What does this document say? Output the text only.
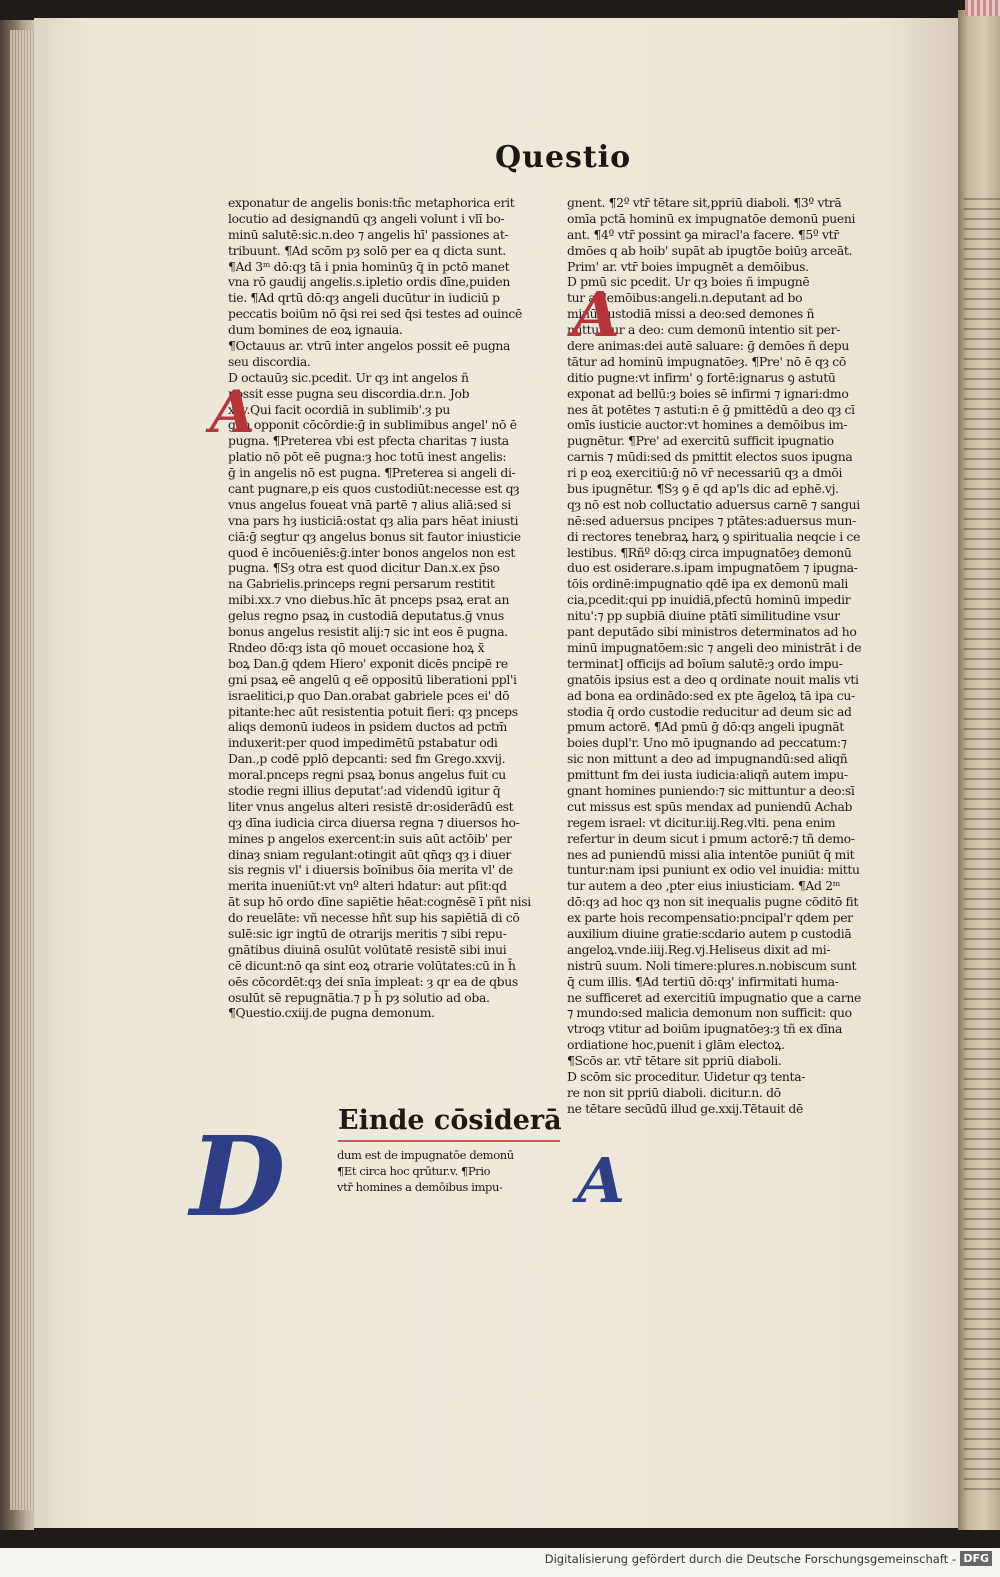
Questio
exponatur de angelis bonis:tñc metaphorica erit
locutio ad designandū qȝ angeli volunt i vlī bo-
minū salutē:sic.n.deo ⁊ angelis hī' passiones at-
tribuunt. ¶Ad scōm pȝ solō per ea q dicta sunt.
¶Ad 3ᵐ dō:qȝ tā i pnia hominūȝ q̄ in pctō manet
vna rō gaudij angelis.s.ipletio ordis dīne,puiden
tie. ¶Ad qrtū dō:qȝ angeli ducūtur in iudiciū p
peccatis boiūm nō q̄si rei sed q̄si testes ad ouincē
dum bomines de eoꝝ ignauia.
¶Octauus ar. vtrū inter angelos possit eē pugna
seu discordia.
D octauūȝ sic.pcedit. Ur qȝ int angelos ñ
possit esse pugna seu discordia.dr.n. Job
xxv.Qui facit ocordiā in sublimib'.ȝ pu
gna opponit cōcōrdie:ḡ in sublimibus angel' nō ē
pugna. ¶Preterea vbi est pfecta charitas ⁊ iusta
platio nō pōt eē pugna:ȝ hoc totū inest angelis:
ḡ in angelis nō est pugna. ¶Preterea si angeli di-
cant pugnare,p eis quos custodiūt:necesse est qȝ
vnus angelus foueat vnā partē ⁊ alius aliā:sed si
vna pars hȝ iusticiā:ostat qȝ alia pars hēat iniusti
ciā:ḡ segtur qȝ angelus bonus sit fautor iniusticie
quod ē incōueniēs:ḡ.inter bonos angelos non est
pugna. ¶Sȝ otra est quod dicitur Dan.x.ex p̄so
na Gabrielis.princeps regni persarum restitit
mibi.xx.⁊ vno diebus.hīc āt pnceps psaꝝ erat an
gelus regno psaꝝ in custodiā deputatus.ḡ vnus
bonus angelus resistit alij:⁊ sic int eos ē pugna.
Rndeo dō:qȝ ista qō mouet occasione hoꝝ x̄
boꝝ Dan.ḡ qdem Hiero' exponit dicēs pncipē re
gni psaꝝ eē angelū q eē oppositū liberationi ppl'i
israelitici,p quo Dan.orabat gabriele pces ei' dō
pitante:hec aūt resistentia potuit fieri: qȝ pnceps
aliqs demonū iudeos in psidem ductos ad pctm̄
induxerit:per quod impedimētū pstabatur odi
Dan.,p codē pplō depcanti: sed fm Grego.xxvij.
moral.pnceps regni psaꝝ bonus angelus fuit cu
stodie regni illius deputat':ad videndū igitur q̄
liter vnus angelus alteri resistē dr:osiderādū est
qȝ dīna iudicia circa diuersa regna ⁊ diuersos ho-
mines p angelos exercent:in suis aūt actōib' per
dinaȝ sniam regulant:otingit aūt qn̄qȝ qȝ i diuer
sis regnis vl' i diuersis boīnibus ōia merita vl' de
merita inueniūt:vt vnº alteri hdatur: aut pſit:qd
āt sup hō ordo dīne sapiētie hēat:cognēsē ī pñt nisi
do reuelāte: vñ necesse hñt sup his sapiētiā di cō
sulē:sic igr ingtū de otrarijs meritis ⁊ sibi repu-
gnātibus diuinā osulūt volūtatē resistē sibi inui
cē dicunt:nō qa sint eoꝝ otrarie volūtates:cū in h̄
oēs cōcordēt:qȝ dei snīa impleat: ȝ qr ea de qbus
osulūt sē repugnātia.⁊ p h̄ pȝ solutio ad oba.
¶Questio.cxiij.de pugna demonum.
gnent. ¶2º vtr̄ tētare sit,ppriū diaboli. ¶3º vtrā
omīa pctā hominū ex impugnatōe demonū pueni
ant. ¶4º vtr̄ possint ꝯa miracl'a facere. ¶5º vtr̄
dmōes q ab hoib' supāt ab ipugtōe boiūȝ arceāt.
Prim' ar. vtr̄ boies impugnēt a demōibus.
D pmū sic pcedit. Ur qȝ boies ñ impugnē
tur a demōibus:angeli.n.deputant ad bo
minū custodiā missi a deo:sed demones ñ
mittuntur a deo: cum demonū intentio sit per-
dere animas:dei autē saluare: ḡ demōes ñ depu
tātur ad hominū impugnatōeȝ. ¶Pre' nō ē qȝ cō
ditio pugne:vt infirm' ꝯ fortē:ignarus ꝯ astutū
exponat ad bellū:ȝ boies sē infirmi ⁊ ignari:dmo
nes āt potētes ⁊ astuti:n ē ḡ pmittēdū a deo qȝ cī
omīs iusticie auctor:vt homines a demōibus im-
pugnētur. ¶Pre' ad exercitū sufficit ipugnatio
carnis ⁊ mūdi:sed ds pmittit electos suos ipugna
ri p eoꝝ exercitiū:ḡ nō vr̄ necessariū qȝ a dmōi
bus ipugnētur. ¶Sȝ ꝯ ē qd ap'ls dic ad ephē.vj.
qȝ nō est nob colluctatio aduersus carnē ⁊ sangui
nē:sed aduersus pncipes ⁊ ptātes:aduersus mun-
di rectores tenebraꝝ harꝝ ꝯ spiritualia neqcie i ce
lestibus. ¶Rñº dō:qȝ circa impugnatōeȝ demonū
duo est osiderare.s.ipam impugnatōem ⁊ ipugna-
tōis ordinē:impugnatio qdē ipa ex demonū mali
cia,pcedit:qui pp inuidiā,pfectū hominū impedir
nitu':⁊ pp supbiā diuine ptātī similitudine vsur
pant deputādo sibi ministros determinatos ad ho
minū impugnatōem:sic ⁊ angeli deo ministrāt i de
terminat] officijs ad boīum salutē:ȝ ordo impu-
gnatōis ipsius est a deo q ordinate nouit malis vti
ad bona ea ordinādo:sed ex pte āgeloꝝ tā ipa cu-
stodia q̄ ordo custodie reducitur ad deum sic ad
pmum actorē. ¶Ad pmū ḡ dō:qȝ angeli ipugnāt
boies dupl'r. Uno mō ipugnando ad peccatum:⁊
sic non mittunt a deo ad impugnandū:sed aliqñ
pmittunt fm dei iusta iudicia:aliqñ autem impu-
gnant homines puniendo:⁊ sic mittuntur a deo:sī
cut missus est spūs mendax ad puniendū Achab
regem israel: vt dicitur.iij.Reg.vlti. pena enim
refertur in deum sicut i pmum actorē:⁊ tñ demo-
nes ad puniendū missi alia intentōe puniūt q̄ mit
tuntur:nam ipsi puniunt ex odio vel inuidia: mittu
tur autem a deo ,pter eius iniusticiam. ¶Ad 2ᵐ
dō:qȝ ad hoc qȝ non sit inequalis pugne cōditō fit
ex parte hois recompensatio:pncipal'r qdem per
auxilium diuine gratie:scdario autem p custodiā
angeloꝝ.vnde.iiij.Reg.vj.Heliseus dixit ad mi-
nistrū suum. Noli timere:plures.n.nobiscum sunt
q̄ cum illis. ¶Ad tertiū dō:qȝ' infirmitati huma-
ne sufficeret ad exercitiū impugnatio que a carne
⁊ mundo:sed malicia demonum non sufficit: quo
vtroqȝ vtitur ad boiūm ipugnatōeȝ:ȝ tñ ex dīna
ordiatione hoc,puenit i glām electoꝝ.
¶Scōs ar. vtr̄ tētare sit ppriū diaboli.
D scōm sic proceditur. Uidetur qȝ tenta-
re non sit ppriū diaboli. dicitur.n. dō
ne tētare secūdū illud ge.xxij.Tētauit dē
A
A
A
D Einde cōsiderā
dum est de impugnatōe demonū
¶Et circa hoc qrūtur.v. ¶Prio
vtr̄ homines a demōibus impu-
Digitalisierung gefördert durch die Deutsche Forschungsgemeinschaft - DFG
